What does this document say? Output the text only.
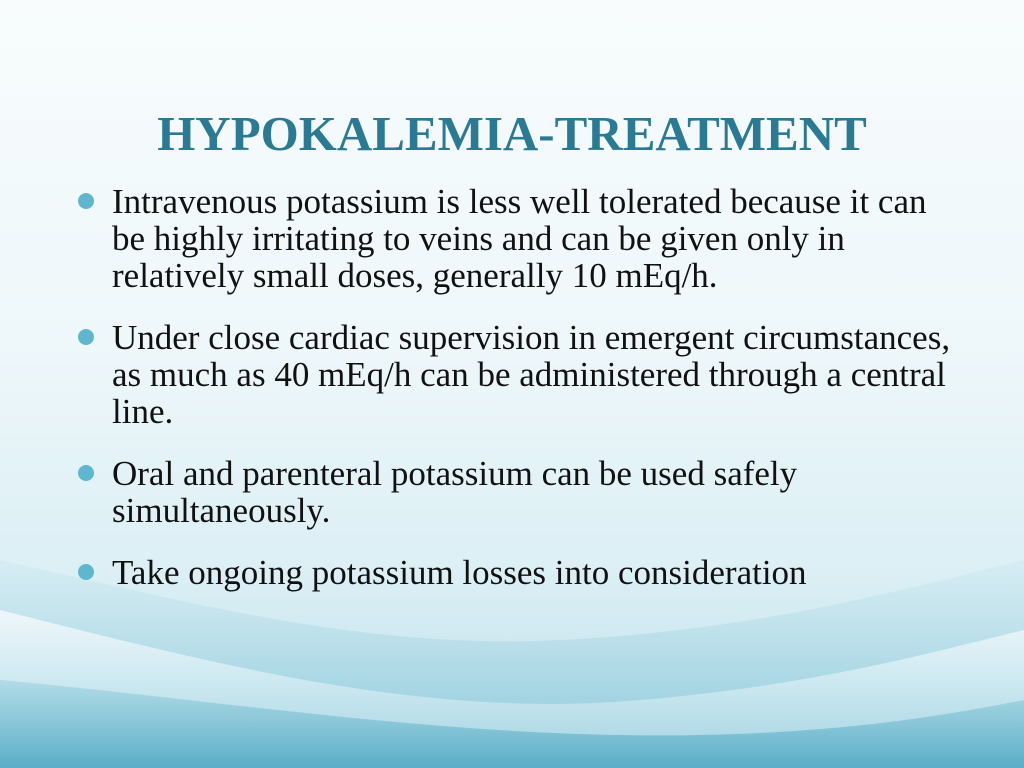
HYPOKALEMIA-TREATMENT
Intravenous potassium is less well tolerated because it can be highly irritating to veins and can be given only in relatively small doses, generally 10 mEq/h.
Under close cardiac supervision in emergent circumstances, as much as 40 mEq/h can be administered through a central line.
Oral and parenteral potassium can be used safely simultaneously.
Take ongoing potassium losses into consideration
